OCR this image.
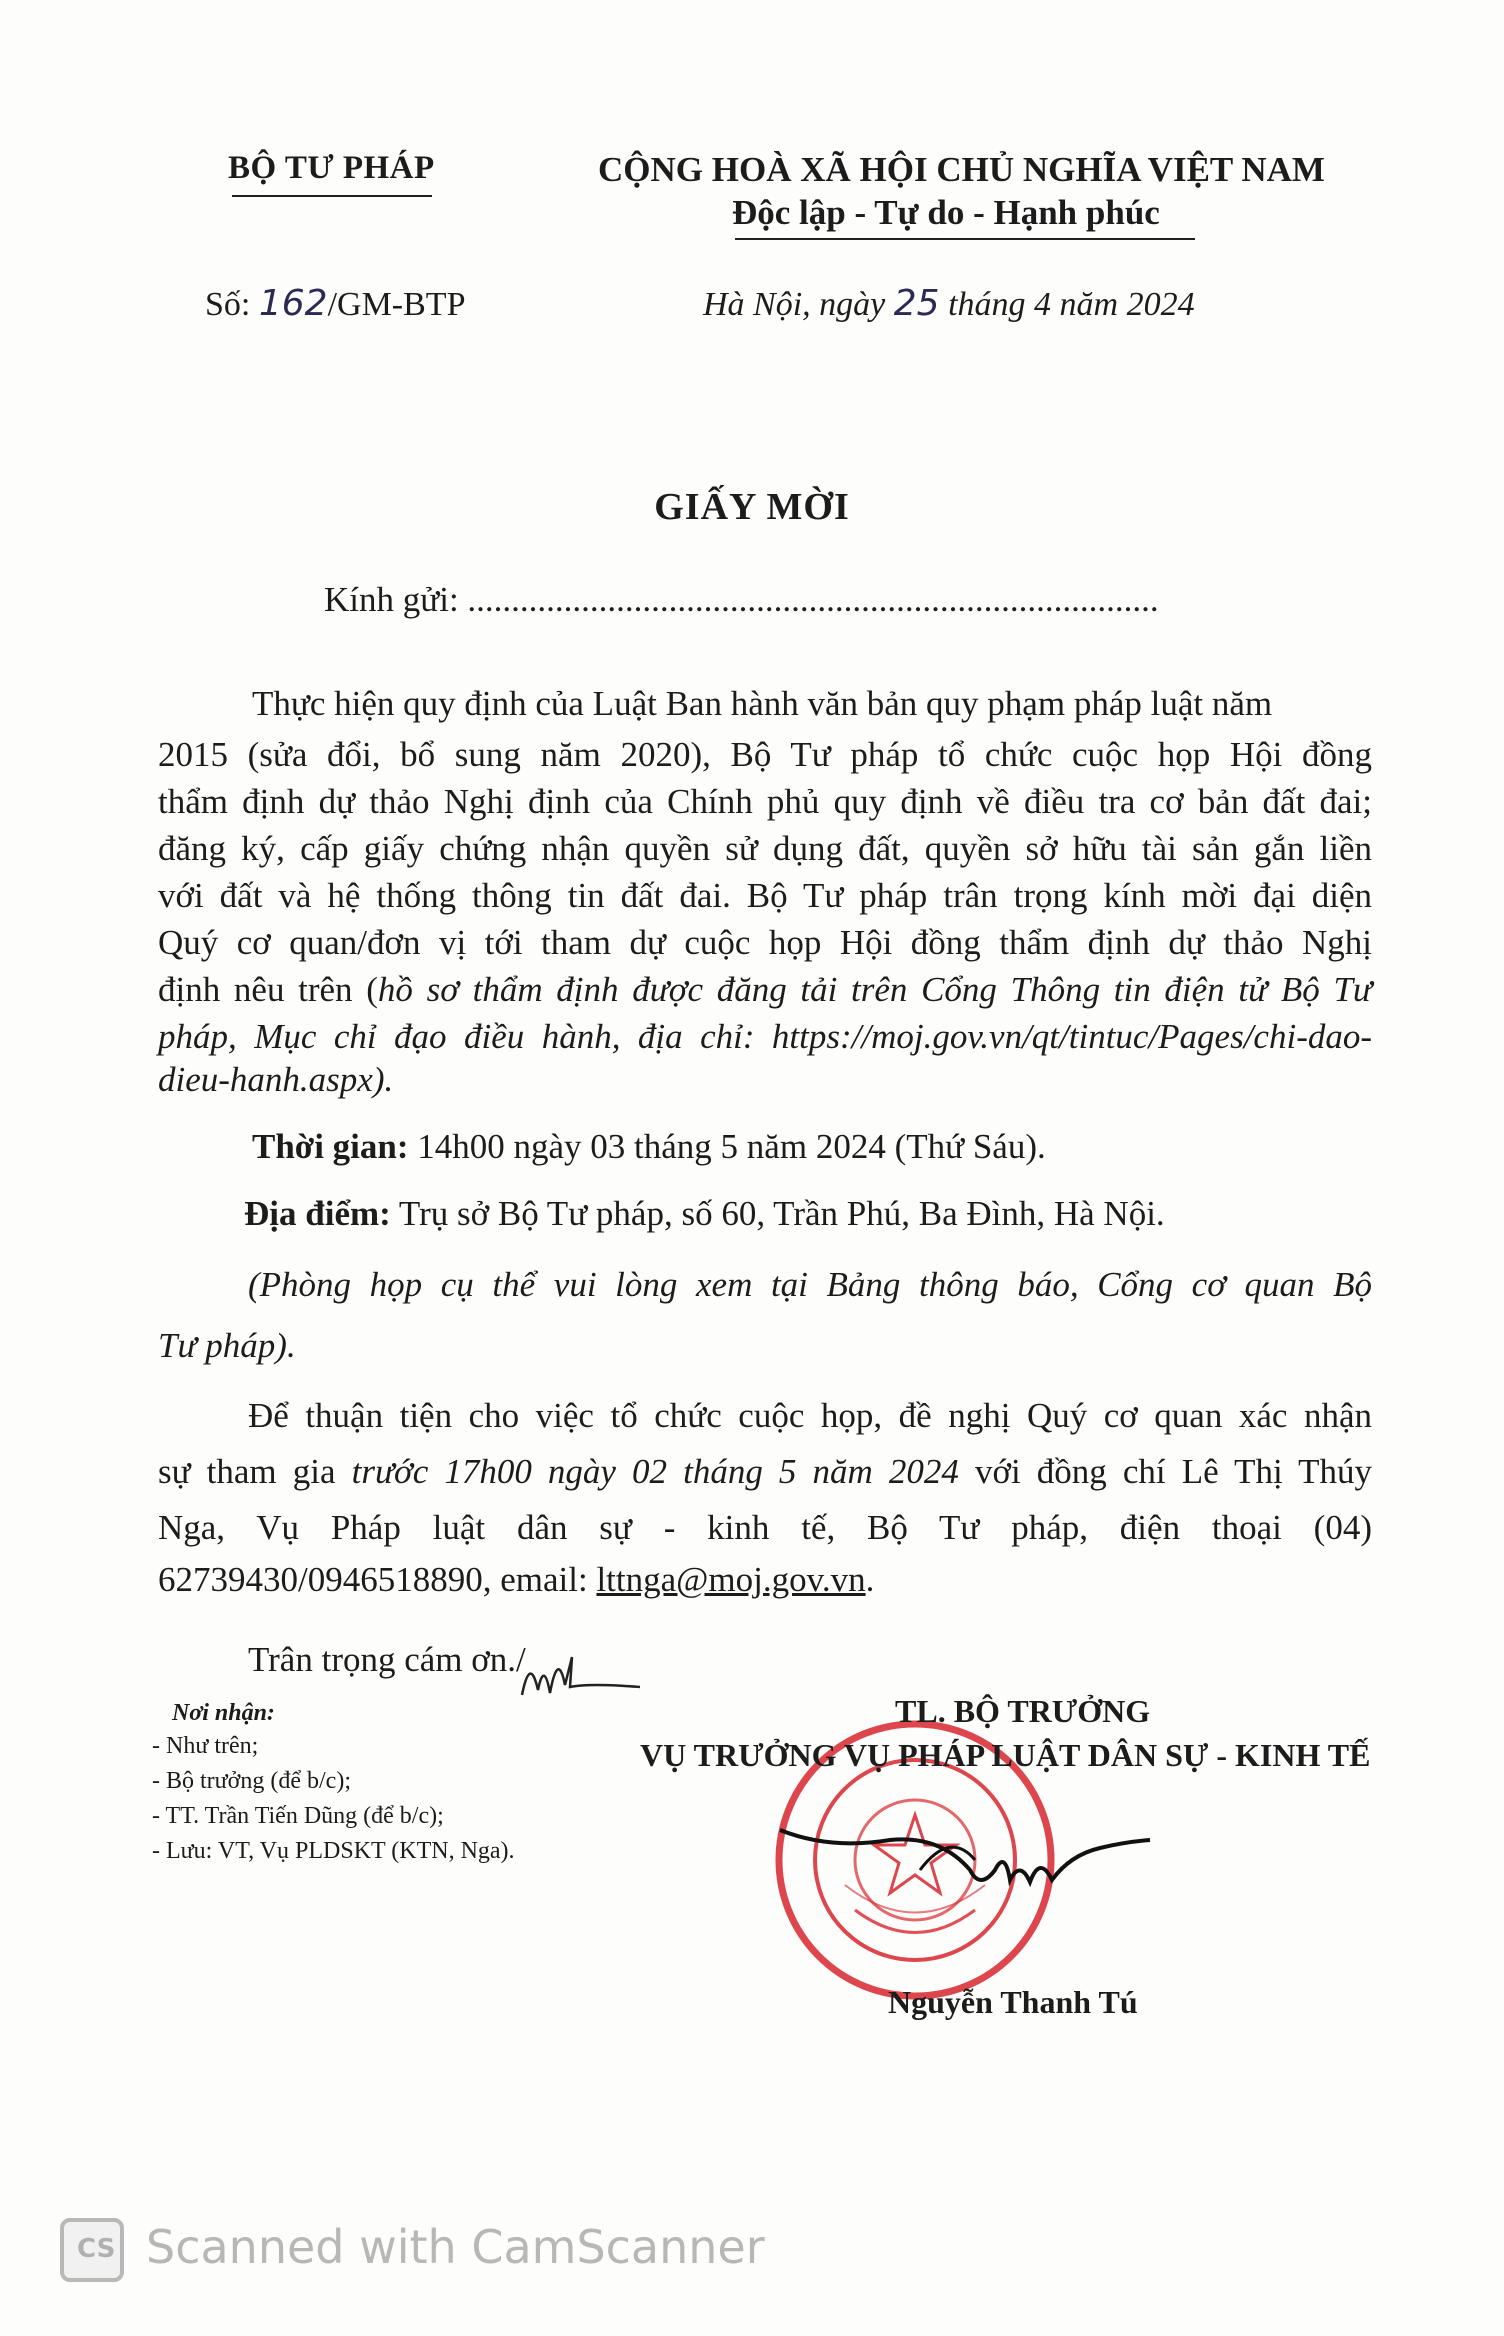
BỘ TƯ PHÁP	CỘNG HOÀ XÃ HỘI CHỦ NGHĨA VIỆT NAM
Độc lập - Tự do - Hạnh phúc
Số: 162/GM-BTP	Hà Nội, ngày 25 tháng 4 năm 2024
GIẤY MỜI
Kính gửi: ...............................................................................
Thực hiện quy định của Luật Ban hành văn bản quy phạm pháp luật năm
2015 (sửa đổi, bổ sung năm 2020), Bộ Tư pháp tổ chức cuộc họp Hội đồng
thẩm định dự thảo Nghị định của Chính phủ quy định về điều tra cơ bản đất đai;
đăng ký, cấp giấy chứng nhận quyền sử dụng đất, quyền sở hữu tài sản gắn liền
với đất và hệ thống thông tin đất đai. Bộ Tư pháp trân trọng kính mời đại diện
Quý cơ quan/đơn vị tới tham dự cuộc họp Hội đồng thẩm định dự thảo Nghị
định nêu trên (hồ sơ thẩm định được đăng tải trên Cổng Thông tin điện tử Bộ Tư
pháp, Mục chỉ đạo điều hành, địa chỉ: https://moj.gov.vn/qt/tintuc/Pages/chi-dao-
dieu-hanh.aspx).
Thời gian: 14h00 ngày 03 tháng 5 năm 2024 (Thứ Sáu).
Địa điểm: Trụ sở Bộ Tư pháp, số 60, Trần Phú, Ba Đình, Hà Nội.
(Phòng họp cụ thể vui lòng xem tại Bảng thông báo, Cổng cơ quan Bộ
Tư pháp).
Để thuận tiện cho việc tổ chức cuộc họp, đề nghị Quý cơ quan xác nhận
sự tham gia trước 17h00 ngày 02 tháng 5 năm 2024 với đồng chí Lê Thị Thúy
Nga, Vụ Pháp luật dân sự - kinh tế, Bộ Tư pháp, điện thoại (04)
62739430/0946518890, email: lttnga@moj.gov.vn.
Trân trọng cám ơn./
Nơi nhận:
- Như trên;
- Bộ trưởng (để b/c);
- TT. Trần Tiến Dũng (để b/c);
- Lưu: VT, Vụ PLDSKT (KTN, Nga).
TL. BỘ TRƯỞNG
VỤ TRƯỞNG VỤ PHÁP LUẬT DÂN SỰ - KINH TẾ
Nguyễn Thanh Tú
CS Scanned with CamScanner
